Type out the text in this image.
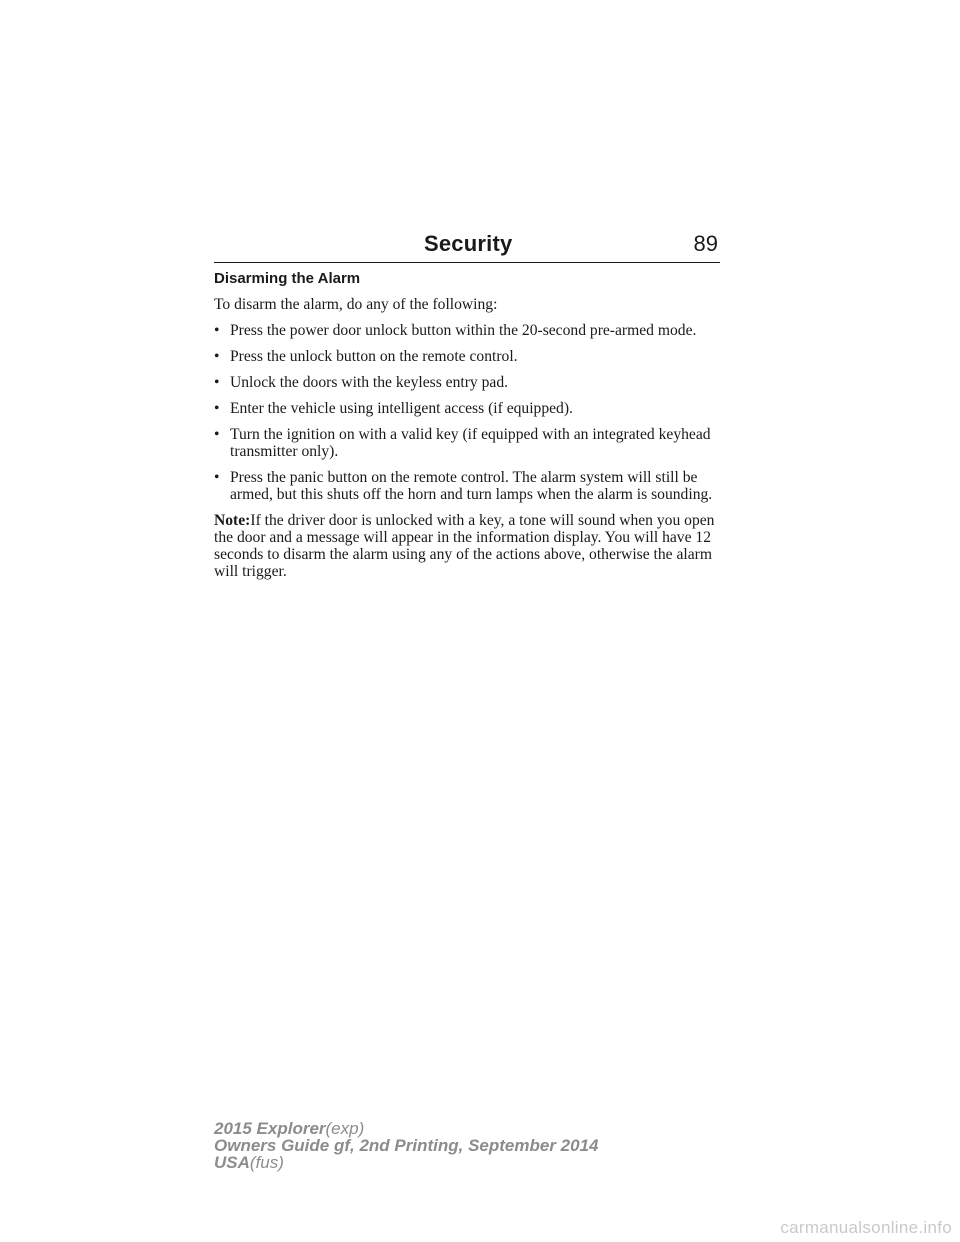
Security	89
Disarming the Alarm

To disarm the alarm, do any of the following:

• Press the power door unlock button within the 20-second pre-armed mode.
• Press the unlock button on the remote control.
• Unlock the doors with the keyless entry pad.
• Enter the vehicle using intelligent access (if equipped).
• Turn the ignition on with a valid key (if equipped with an integrated keyhead transmitter only).
• Press the panic button on the remote control. The alarm system will still be armed, but this shuts off the horn and turn lamps when the alarm is sounding.

Note:If the driver door is unlocked with a key, a tone will sound when you open the door and a message will appear in the information display. You will have 12 seconds to disarm the alarm using any of the actions above, otherwise the alarm will trigger.

2015 Explorer(exp)
Owners Guide gf, 2nd Printing, September 2014
USA(fus)
carmanualsonline.info
